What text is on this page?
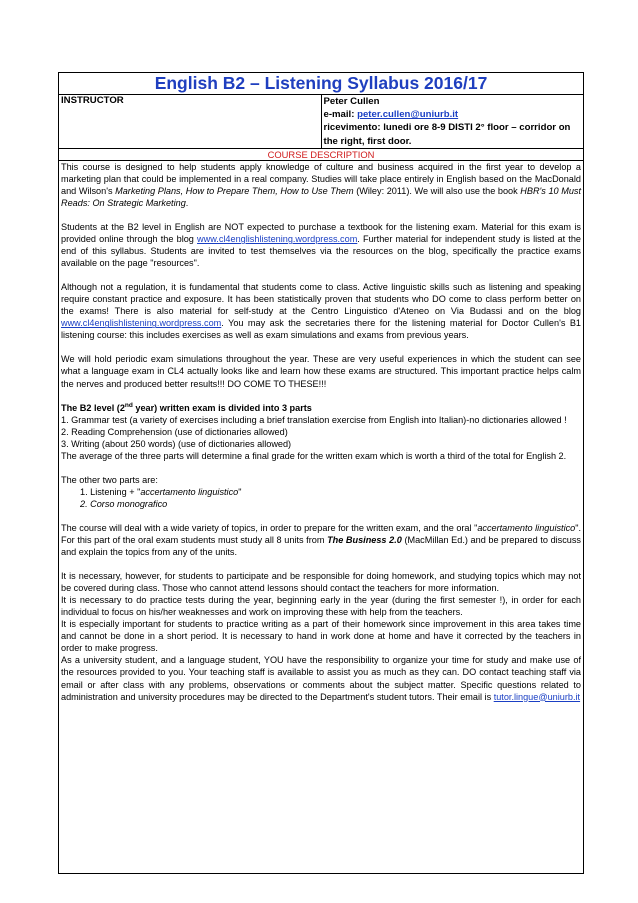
English B2 – Listening Syllabus 2016/17
INSTRUCTOR	Peter Cullen
e-mail: peter.cullen@uniurb.it
ricevimento: lunedi ore 8-9 DISTI 2° floor – corridor on the right, first door.

COURSE DESCRIPTION

This course is designed to help students apply knowledge of culture and business acquired in the first year to develop a marketing plan that could be implemented in a real company. Studies will take place entirely in English based on the MacDonald and Wilson's Marketing Plans, How to Prepare Them, How to Use Them (Wiley: 2011). We will also use the book HBR's 10 Must Reads: On Strategic Marketing.

Students at the B2 level in English are NOT expected to purchase a textbook for the listening exam. Material for this exam is provided online through the blog www.cl4englishlistening.wordpress.com. Further material for independent study is listed at the end of this syllabus. Students are invited to test themselves via the resources on the blog, specifically the practice exams available on the page "resources".

Although not a regulation, it is fundamental that students come to class. Active linguistic skills such as listening and speaking require constant practice and exposure. It has been statistically proven that students who DO come to class perform better on the exams! There is also material for self-study at the Centro Linguistico d'Ateneo on Via Budassi and on the blog www.cl4englishlistening.wordpress.com. You may ask the secretaries there for the listening material for Doctor Cullen's B1 listening course: this includes exercises as well as exam simulations and exams from previous years.

We will hold periodic exam simulations throughout the year. These are very useful experiences in which the student can see what a language exam in CL4 actually looks like and learn how these exams are structured. This important practice helps calm the nerves and produced better results!!! DO COME TO THESE!!!

The B2 level (2nd year) written exam is divided into 3 parts
1. Grammar test (a variety of exercises including a brief translation exercise from English into Italian)-no dictionaries allowed !
2. Reading Comprehension (use of dictionaries allowed)
3. Writing (about 250 words) (use of dictionaries allowed)

The average of the three parts will determine a final grade for the written exam which is worth a third of the total for English 2.

The other two parts are:
1. Listening + "accertamento linguistico"

2. Corso monografico

The course will deal with a wide variety of topics, in order to prepare for the written exam, and the oral "accertamento linguistico". For this part of the oral exam students must study all 8 units from The Business 2.0 (MacMillan Ed.) and be prepared to discuss and explain the topics from any of the units.

It is necessary, however, for students to participate and be responsible for doing homework, and studying topics which may not be covered during class. Those who cannot attend lessons should contact the teachers for more information.
It is necessary to do practice tests during the year, beginning early in the year (during the first semester !), in order for each individual to focus on his/her weaknesses and work on improving these with help from the teachers.
It is especially important for students to practice writing as a part of their homework since improvement in this area takes time and cannot be done in a short period. It is necessary to hand in work done at home and have it corrected by the teachers in order to make progress.
As a university student, and a language student, YOU have the responsibility to organize your time for study and make use of the resources provided to you. Your teaching staff is available to assist you as much as they can. DO contact teaching staff via email or after class with any problems, observations or comments about the subject matter. Specific questions related to administration and university procedures may be directed to the Department's student tutors. Their email is tutor.lingue@uniurb.it
